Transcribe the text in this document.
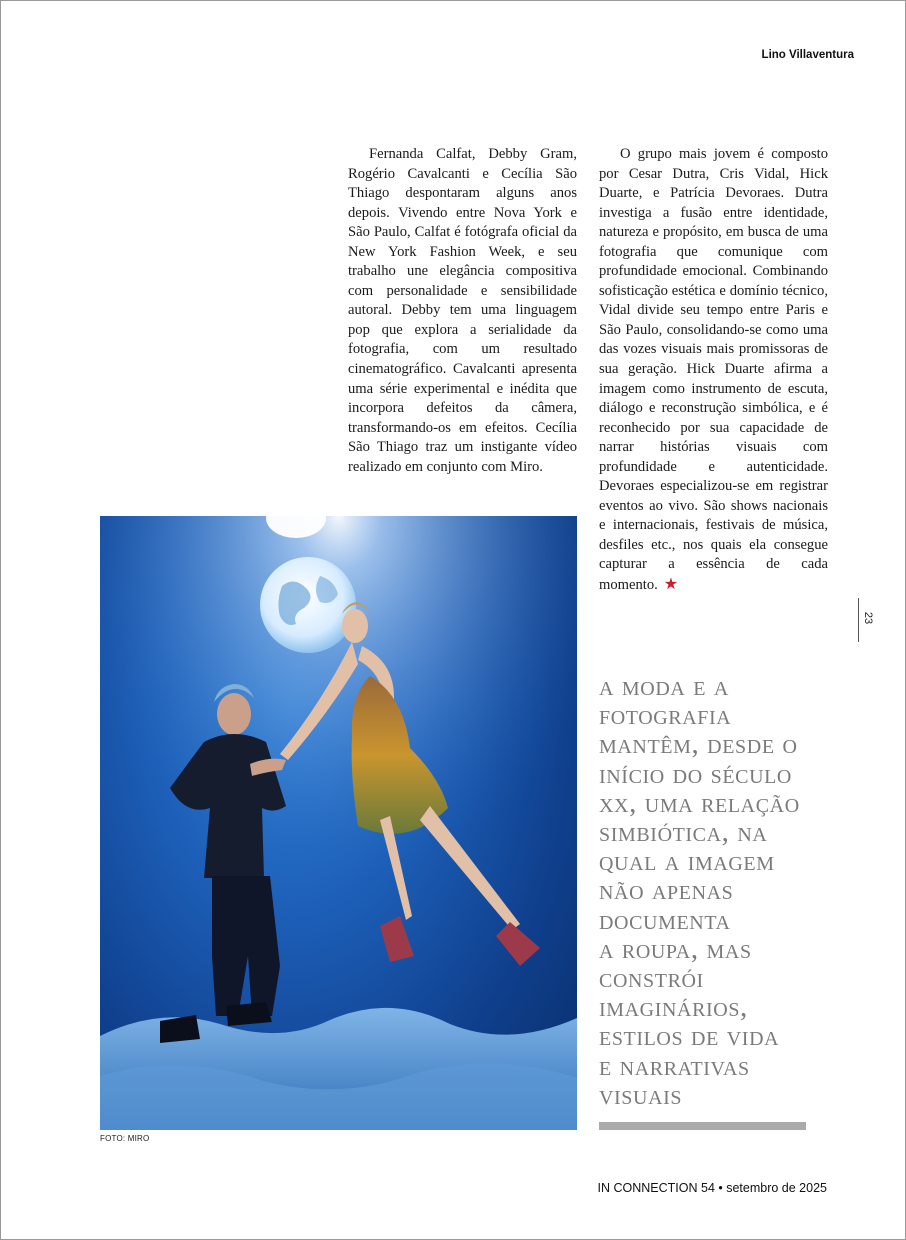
Lino Villaventura

Fernanda Calfat, Debby Gram, Rogério Cavalcanti e Cecília São Thiago despontaram alguns anos depois. Vivendo entre Nova York e São Paulo, Calfat é fotógrafa oficial da New York Fashion Week, e seu trabalho une elegância compositiva com personalidade e sensibilidade autoral. Debby tem uma linguagem pop que explora a serialidade da fotografia, com um resultado cinematográfico. Cavalcanti apresenta uma série experimental e inédita que incorpora defeitos da câmera, transformando-os em efeitos. Cecília São Thiago traz um instigante vídeo realizado em conjunto com Miro.

O grupo mais jovem é composto por Cesar Dutra, Cris Vidal, Hick Duarte, e Patrícia Devoraes. Dutra investiga a fusão entre identidade, natureza e propósito, em busca de uma fotografia que comunique com profundidade emocional. Combinando sofisticação estética e domínio técnico, Vidal divide seu tempo entre Paris e São Paulo, consolidando-se como uma das vozes visuais mais promissoras de sua geração. Hick Duarte afirma a imagem como instrumento de escuta, diálogo e reconstrução simbólica, e é reconhecido por sua capacidade de narrar histórias visuais com profundidade e autenticidade. Devoraes especializou-se em registrar eventos ao vivo. São shows nacionais e internacionais, festivais de música, desfiles etc., nos quais ela consegue capturar a essência de cada momento. ★

FOTO: MIRO
23
a moda e a
fotografia
mantêm, desde o
início do século
xx, uma relação
simbiótica, na
qual a imagem
não apenas
documenta
a roupa, mas
constrói
imaginários,
estilos de vida
e narrativas
visuais
IN CONNECTION 54 • setembro de 2025
